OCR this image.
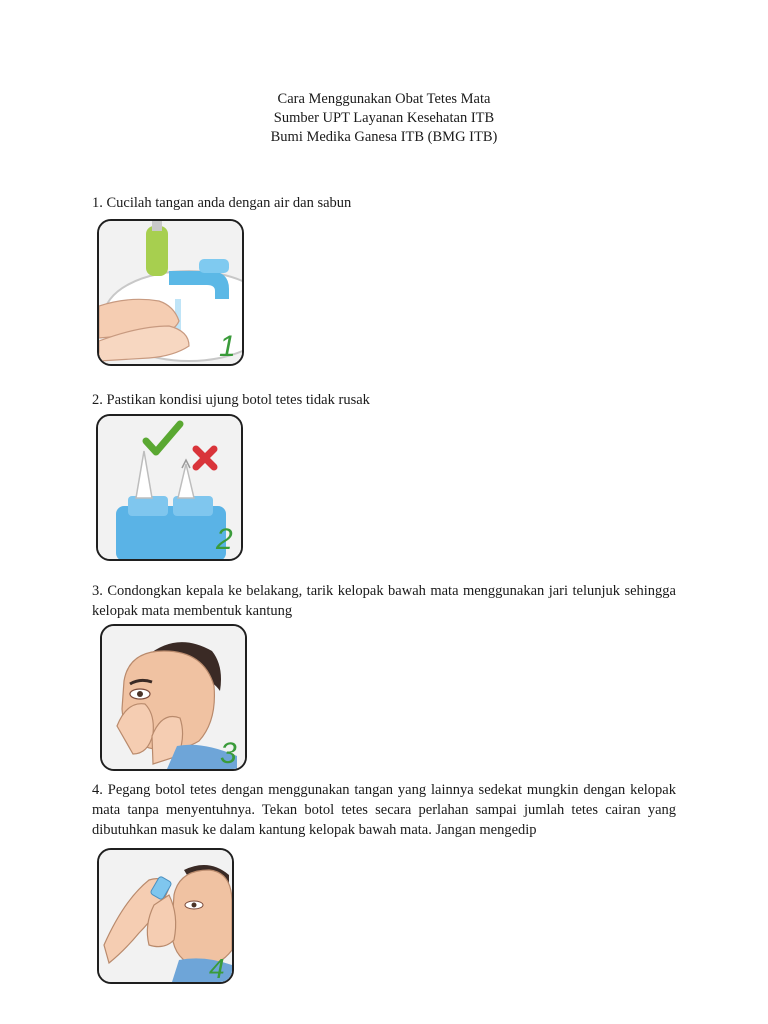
Cara Menggunakan Obat Tetes Mata
Sumber UPT Layanan Kesehatan ITB
Bumi Medika Ganesa ITB (BMG ITB)
1. Cucilah tangan anda dengan air dan sabun
1
2. Pastikan kondisi ujung botol tetes tidak rusak
2
3. Condongkan kepala ke belakang, tarik kelopak bawah mata menggunakan jari telunjuk sehingga kelopak mata membentuk kantung
3
4. Pegang botol tetes dengan menggunakan tangan yang lainnya sedekat mungkin dengan kelopak mata tanpa menyentuhnya. Tekan botol tetes secara perlahan sampai jumlah tetes cairan yang dibutuhkan masuk ke dalam kantung kelopak bawah mata. Jangan mengedip
4
